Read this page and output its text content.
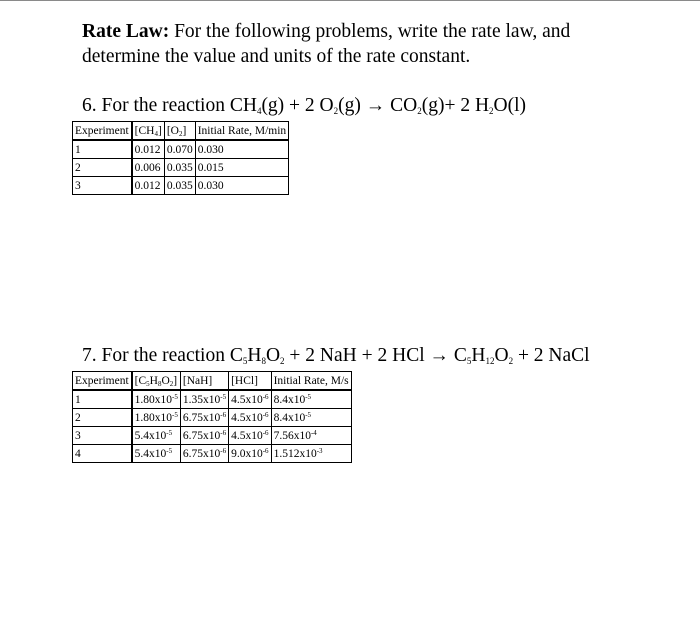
Rate Law: For the following problems, write the rate law, and determine the value and units of the rate constant.
6. For the reaction $CH_4(g) + 2$ $O_2(g) \to CO_2(g)+ 2$ $H_2O(l)$
Experiment	$[CH_4]$	$[O_2]$	Initial Rate, M/min
1	0.012	0.070	0.030
2	0.006	0.035	0.015
3	0.012	0.035	0.030
7. For the reaction $C_5H_8O_2 + 2$ NaH + 2 HCl → $C_5H_{12}O_2 + 2$ NaCl
Experiment	$[C_5H_8O_2]$	[NaH]	[HCl]	Initial Rate, M/s
1	$1.80x10^{-5}$	$1.35x10^{-5}$	$4.5x10^{-6}$	$8.4x10^{-5}$
2	$1.80x10^{-5}$	$6.75x10^{-6}$	$4.5x10^{-6}$	$8.4x10^{-5}$
3	$5.4x10^{-5}$	$6.75x10^{-6}$	$4.5x10^{-6}$	$7.56x10^{-4}$
4	$5.4x10^{-5}$	$6.75x10^{-6}$	$9.0x10^{-6}$	$1.512x10^{-3}$
